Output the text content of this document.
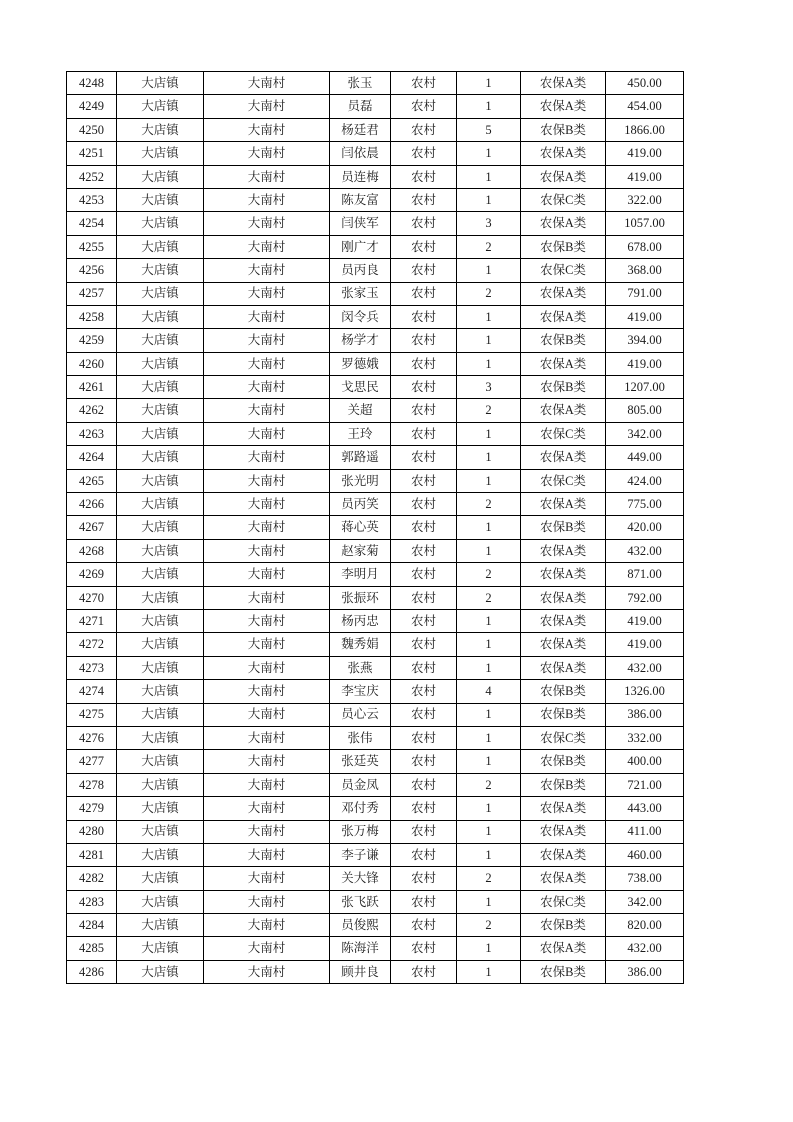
4248	大店镇	大南村	张玉	农村	1	农保A类	450.00
4249	大店镇	大南村	员磊	农村	1	农保A类	454.00
4250	大店镇	大南村	杨廷君	农村	5	农保B类	1866.00
4251	大店镇	大南村	闫依晨	农村	1	农保A类	419.00
4252	大店镇	大南村	员连梅	农村	1	农保A类	419.00
4253	大店镇	大南村	陈友富	农村	1	农保C类	322.00
4254	大店镇	大南村	闫侠军	农村	3	农保A类	1057.00
4255	大店镇	大南村	刚广才	农村	2	农保B类	678.00
4256	大店镇	大南村	员丙良	农村	1	农保C类	368.00
4257	大店镇	大南村	张家玉	农村	2	农保A类	791.00
4258	大店镇	大南村	闵令兵	农村	1	农保A类	419.00
4259	大店镇	大南村	杨学才	农村	1	农保B类	394.00
4260	大店镇	大南村	罗德娥	农村	1	农保A类	419.00
4261	大店镇	大南村	戈思民	农村	3	农保B类	1207.00
4262	大店镇	大南村	关超	农村	2	农保A类	805.00
4263	大店镇	大南村	王玲	农村	1	农保C类	342.00
4264	大店镇	大南村	郭路遥	农村	1	农保A类	449.00
4265	大店镇	大南村	张光明	农村	1	农保C类	424.00
4266	大店镇	大南村	员丙笑	农村	2	农保A类	775.00
4267	大店镇	大南村	蒋心英	农村	1	农保B类	420.00
4268	大店镇	大南村	赵家菊	农村	1	农保A类	432.00
4269	大店镇	大南村	李明月	农村	2	农保A类	871.00
4270	大店镇	大南村	张振环	农村	2	农保A类	792.00
4271	大店镇	大南村	杨丙忠	农村	1	农保A类	419.00
4272	大店镇	大南村	魏秀娟	农村	1	农保A类	419.00
4273	大店镇	大南村	张燕	农村	1	农保A类	432.00
4274	大店镇	大南村	李宝庆	农村	4	农保B类	1326.00
4275	大店镇	大南村	员心云	农村	1	农保B类	386.00
4276	大店镇	大南村	张伟	农村	1	农保C类	332.00
4277	大店镇	大南村	张廷英	农村	1	农保B类	400.00
4278	大店镇	大南村	员金凤	农村	2	农保B类	721.00
4279	大店镇	大南村	邓付秀	农村	1	农保A类	443.00
4280	大店镇	大南村	张万梅	农村	1	农保A类	411.00
4281	大店镇	大南村	李子谦	农村	1	农保A类	460.00
4282	大店镇	大南村	关大锋	农村	2	农保A类	738.00
4283	大店镇	大南村	张飞跃	农村	1	农保C类	342.00
4284	大店镇	大南村	员俊熙	农村	2	农保B类	820.00
4285	大店镇	大南村	陈海洋	农村	1	农保A类	432.00
4286	大店镇	大南村	顾井良	农村	1	农保B类	386.00
